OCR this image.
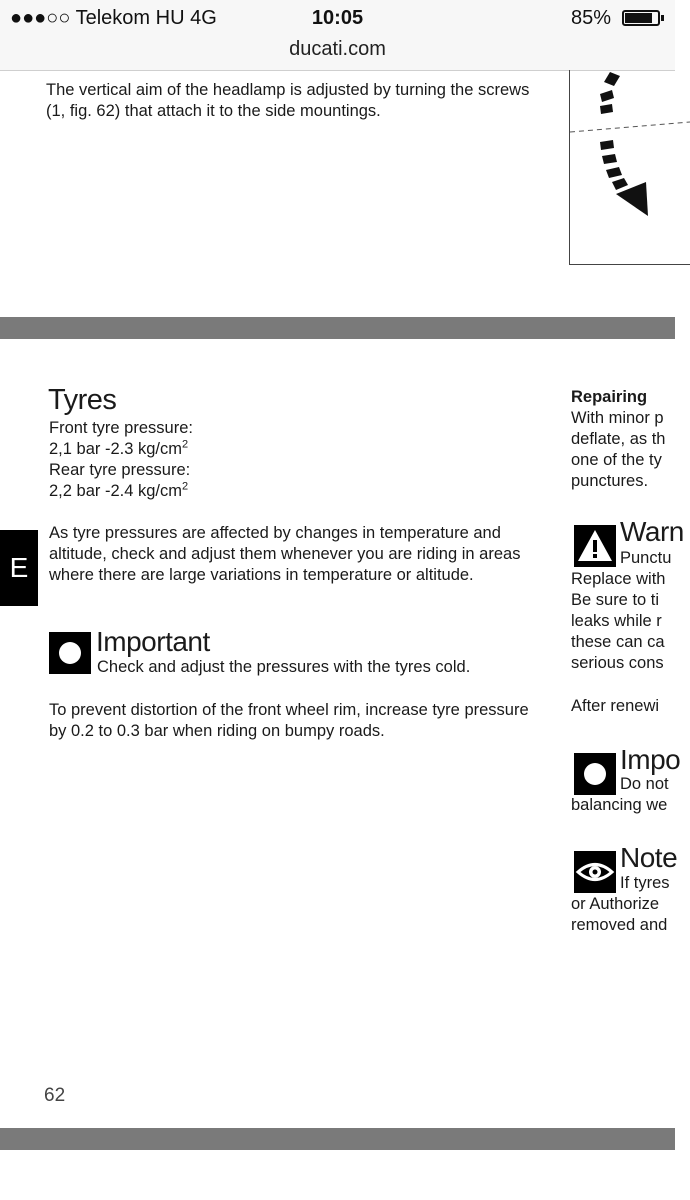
●●●○○ Telekom HU 4G	10:05	85%
ducati.com
The vertical aim of the headlamp is adjusted by turning the screws (1, fig. 62) that attach it to the side mountings.
Tyres
Front tyre pressure:
2,1 bar -2.3 $kg/cm^2$
Rear tyre pressure:
2,2 bar -2.4 $kg/cm^2$
E
As tyre pressures are affected by changes in temperature and altitude, check and adjust them whenever you are riding in areas where there are large variations in temperature or altitude.
Important
Check and adjust the pressures with the tyres cold.
To prevent distortion of the front wheel rim, increase tyre pressure by 0.2 to 0.3 bar when riding on bumpy roads.
Repairing
With minor p
deflate, as th
one of the ty
punctures.
Warn
Punctu
Replace with
Be sure to ti
leaks while r
these can ca
serious cons
After renewi
Impo
Do not
balancing we
Note
If tyres
or Authorize
removed and
62
